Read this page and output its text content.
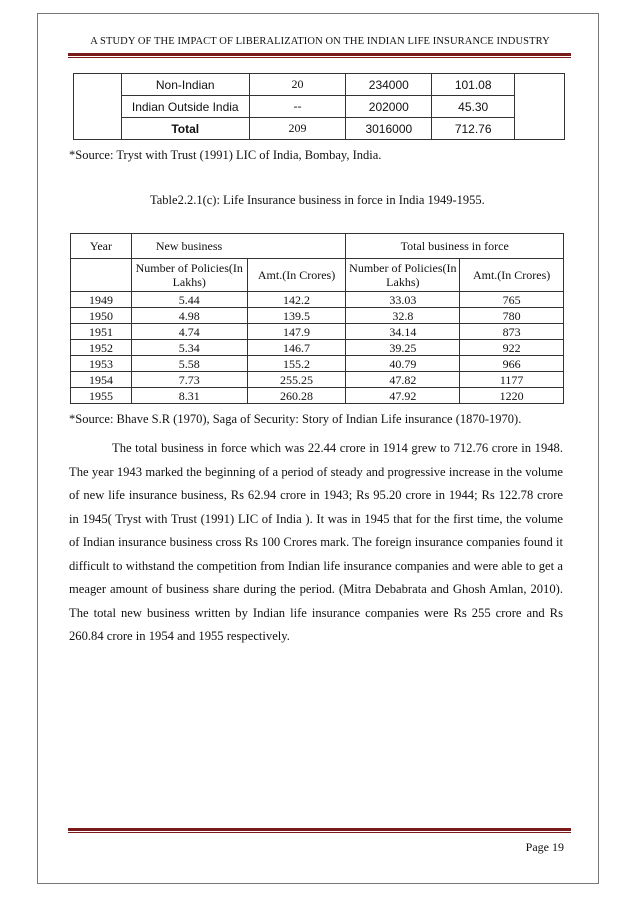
A STUDY OF THE IMPACT OF LIBERALIZATION ON THE INDIAN LIFE INSURANCE INDUSTRY
	Non-Indian	20	234000	101.08	
	Indian Outside India	--	202000	45.30	
	Total	209	3016000	712.76	
*Source: Tryst with Trust (1991) LIC of India, Bombay, India.
Table2.2.1(c): Life Insurance business in force in India 1949-1955.
Year	New business		Total business in force	
	Number of Policies(In Lakhs)	Amt.(In Crores)	Number of Policies(In Lakhs)	Amt.(In Crores)
1949	5.44	142.2	33.03	765
1950	4.98	139.5	32.8	780
1951	4.74	147.9	34.14	873
1952	5.34	146.7	39.25	922
1953	5.58	155.2	40.79	966
1954	7.73	255.25	47.82	1177
1955	8.31	260.28	47.92	1220
*Source: Bhave S.R (1970), Saga of Security: Story of Indian Life insurance (1870-1970).
The total business in force which was 22.44 crore in 1914 grew to 712.76 crore in 1948. The year 1943 marked the beginning of a period of steady and progressive increase in the volume of new life insurance business, Rs 62.94 crore in 1943; Rs 95.20 crore in 1944; Rs 122.78 crore in 1945( Tryst with Trust (1991) LIC of India ). It was in 1945 that for the first time, the volume of Indian insurance business cross Rs 100 Crores mark. The foreign insurance companies found it difficult to withstand the competition from Indian life insurance companies and were able to get a meager amount of business share during the period. (Mitra Debabrata and Ghosh Amlan, 2010). The total new business written by Indian life insurance companies were Rs 255 crore and Rs 260.84 crore in 1954 and 1955 respectively.
Page 19
